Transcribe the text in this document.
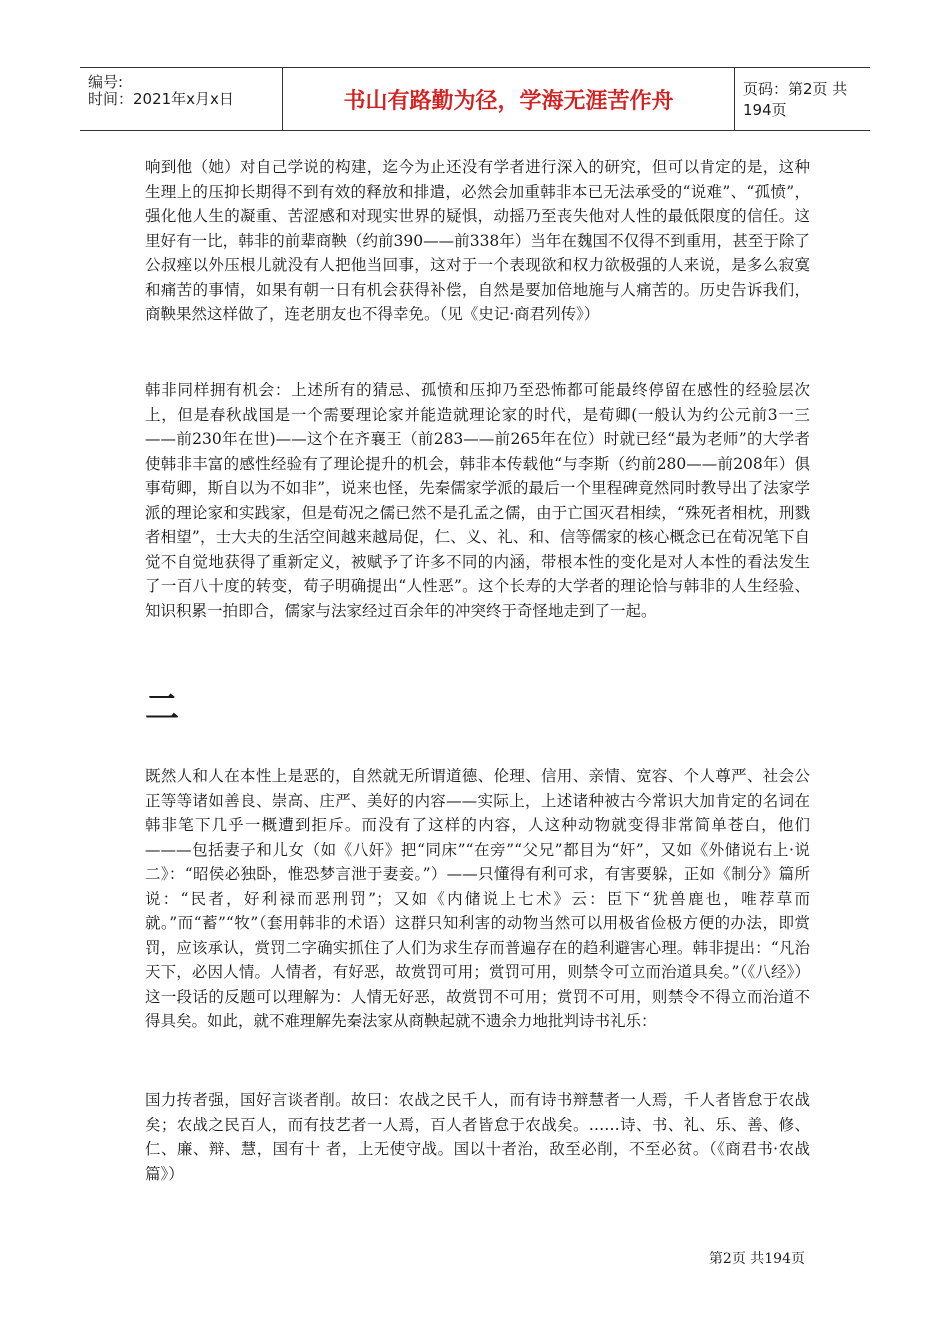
编号:
时间：2021年x月x日	书山有路勤为径，学海无涯苦作舟	页码：第2页 共194页
响到他（她）对自己学说的构建，迄今为止还没有学者进行深入的研究，但可以肯定的是，这种生理上的压抑长期得不到有效的释放和排遣，必然会加重韩非本已无法承受的“说难”、“孤愤”，强化他人生的凝重、苦涩感和对现实世界的疑惧，动摇乃至丧失他对人性的最低限度的信任。这里好有一比，韩非的前辈商鞅（约前390——前338年）当年在魏国不仅得不到重用，甚至于除了公叔痤以外压根儿就没有人把他当回事，这对于一个表现欲和权力欲极强的人来说，是多么寂寞和痛苦的事情，如果有朝一日有机会获得补偿，自然是要加倍地施与人痛苦的。历史告诉我们，商鞅果然这样做了，连老朋友也不得幸免。（见《史记·商君列传》）
韩非同样拥有机会：上述所有的猜忌、孤愤和压抑乃至恐怖都可能最终停留在感性的经验层次上，但是春秋战国是一个需要理论家并能造就理论家的时代，是荀卿(一般认为约公元前3一三——前230年在世)——这个在齐襄王（前283——前265年在位）时就已经“最为老师”的大学者使韩非丰富的感性经验有了理论提升的机会，韩非本传载他“与李斯（约前280——前208年）俱事荀卿，斯自以为不如非”，说来也怪，先秦儒家学派的最后一个里程碑竟然同时教导出了法家学派的理论家和实践家，但是荀况之儒已然不是孔孟之儒，由于亡国灭君相续，“殊死者相枕，刑戮者相望”，士大夫的生活空间越来越局促，仁、义、礼、和、信等儒家的核心概念已在荀况笔下自觉不自觉地获得了重新定义，被赋予了许多不同的内涵，带根本性的变化是对人本性的看法发生了一百八十度的转变，荀子明确提出“人性恶”。这个长寿的大学者的理论恰与韩非的人生经验、知识积累一拍即合，儒家与法家经过百余年的冲突终于奇怪地走到了一起。
二
既然人和人在本性上是恶的，自然就无所谓道德、伦理、信用、亲情、宽容、个人尊严、社会公正等等诸如善良、崇高、庄严、美好的内容——实际上，上述诸种被古今常识大加肯定的名词在韩非笔下几乎一概遭到拒斥。而没有了这样的内容，人这种动物就变得非常简单苍白，他们———包括妻子和儿女（如《八奸》把“同床”“在旁”“父兄”都目为“奸”，又如《外储说右上·说二》：“昭侯必独卧，惟恐梦言泄于妻妾。”）——只懂得有利可求，有害要躲，正如《制分》篇所说：“民者，好利禄而恶刑罚”；又如《内储说上七术》云：臣下“犹兽鹿也，唯荐草而就。”而“蓄”“牧”（套用韩非的术语）这群只知利害的动物当然可以用极省俭极方便的办法，即赏罚，应该承认，赏罚二字确实抓住了人们为求生存而普遍存在的趋利避害心理。韩非提出：“凡治天下，必因人情。人情者，有好恶，故赏罚可用；赏罚可用，则禁令可立而治道具矣。”（《八经》）这一段话的反题可以理解为：人情无好恶，故赏罚不可用；赏罚不可用，则禁令不得立而治道不得具矣。如此，就不难理解先秦法家从商鞅起就不遗余力地批判诗书礼乐：
国力抟者强，国好言谈者削。故曰：农战之民千人，而有诗书辩慧者一人焉，千人者皆怠于农战矣；农战之民百人，而有技艺者一人焉，百人者皆怠于农战矣。……诗、书、礼、乐、善、修、仁、廉、辩、慧，国有十 者，上无使守战。国以十者治，敌至必削，不至必贫。（《商君书·农战篇》）
第2页 共194页
